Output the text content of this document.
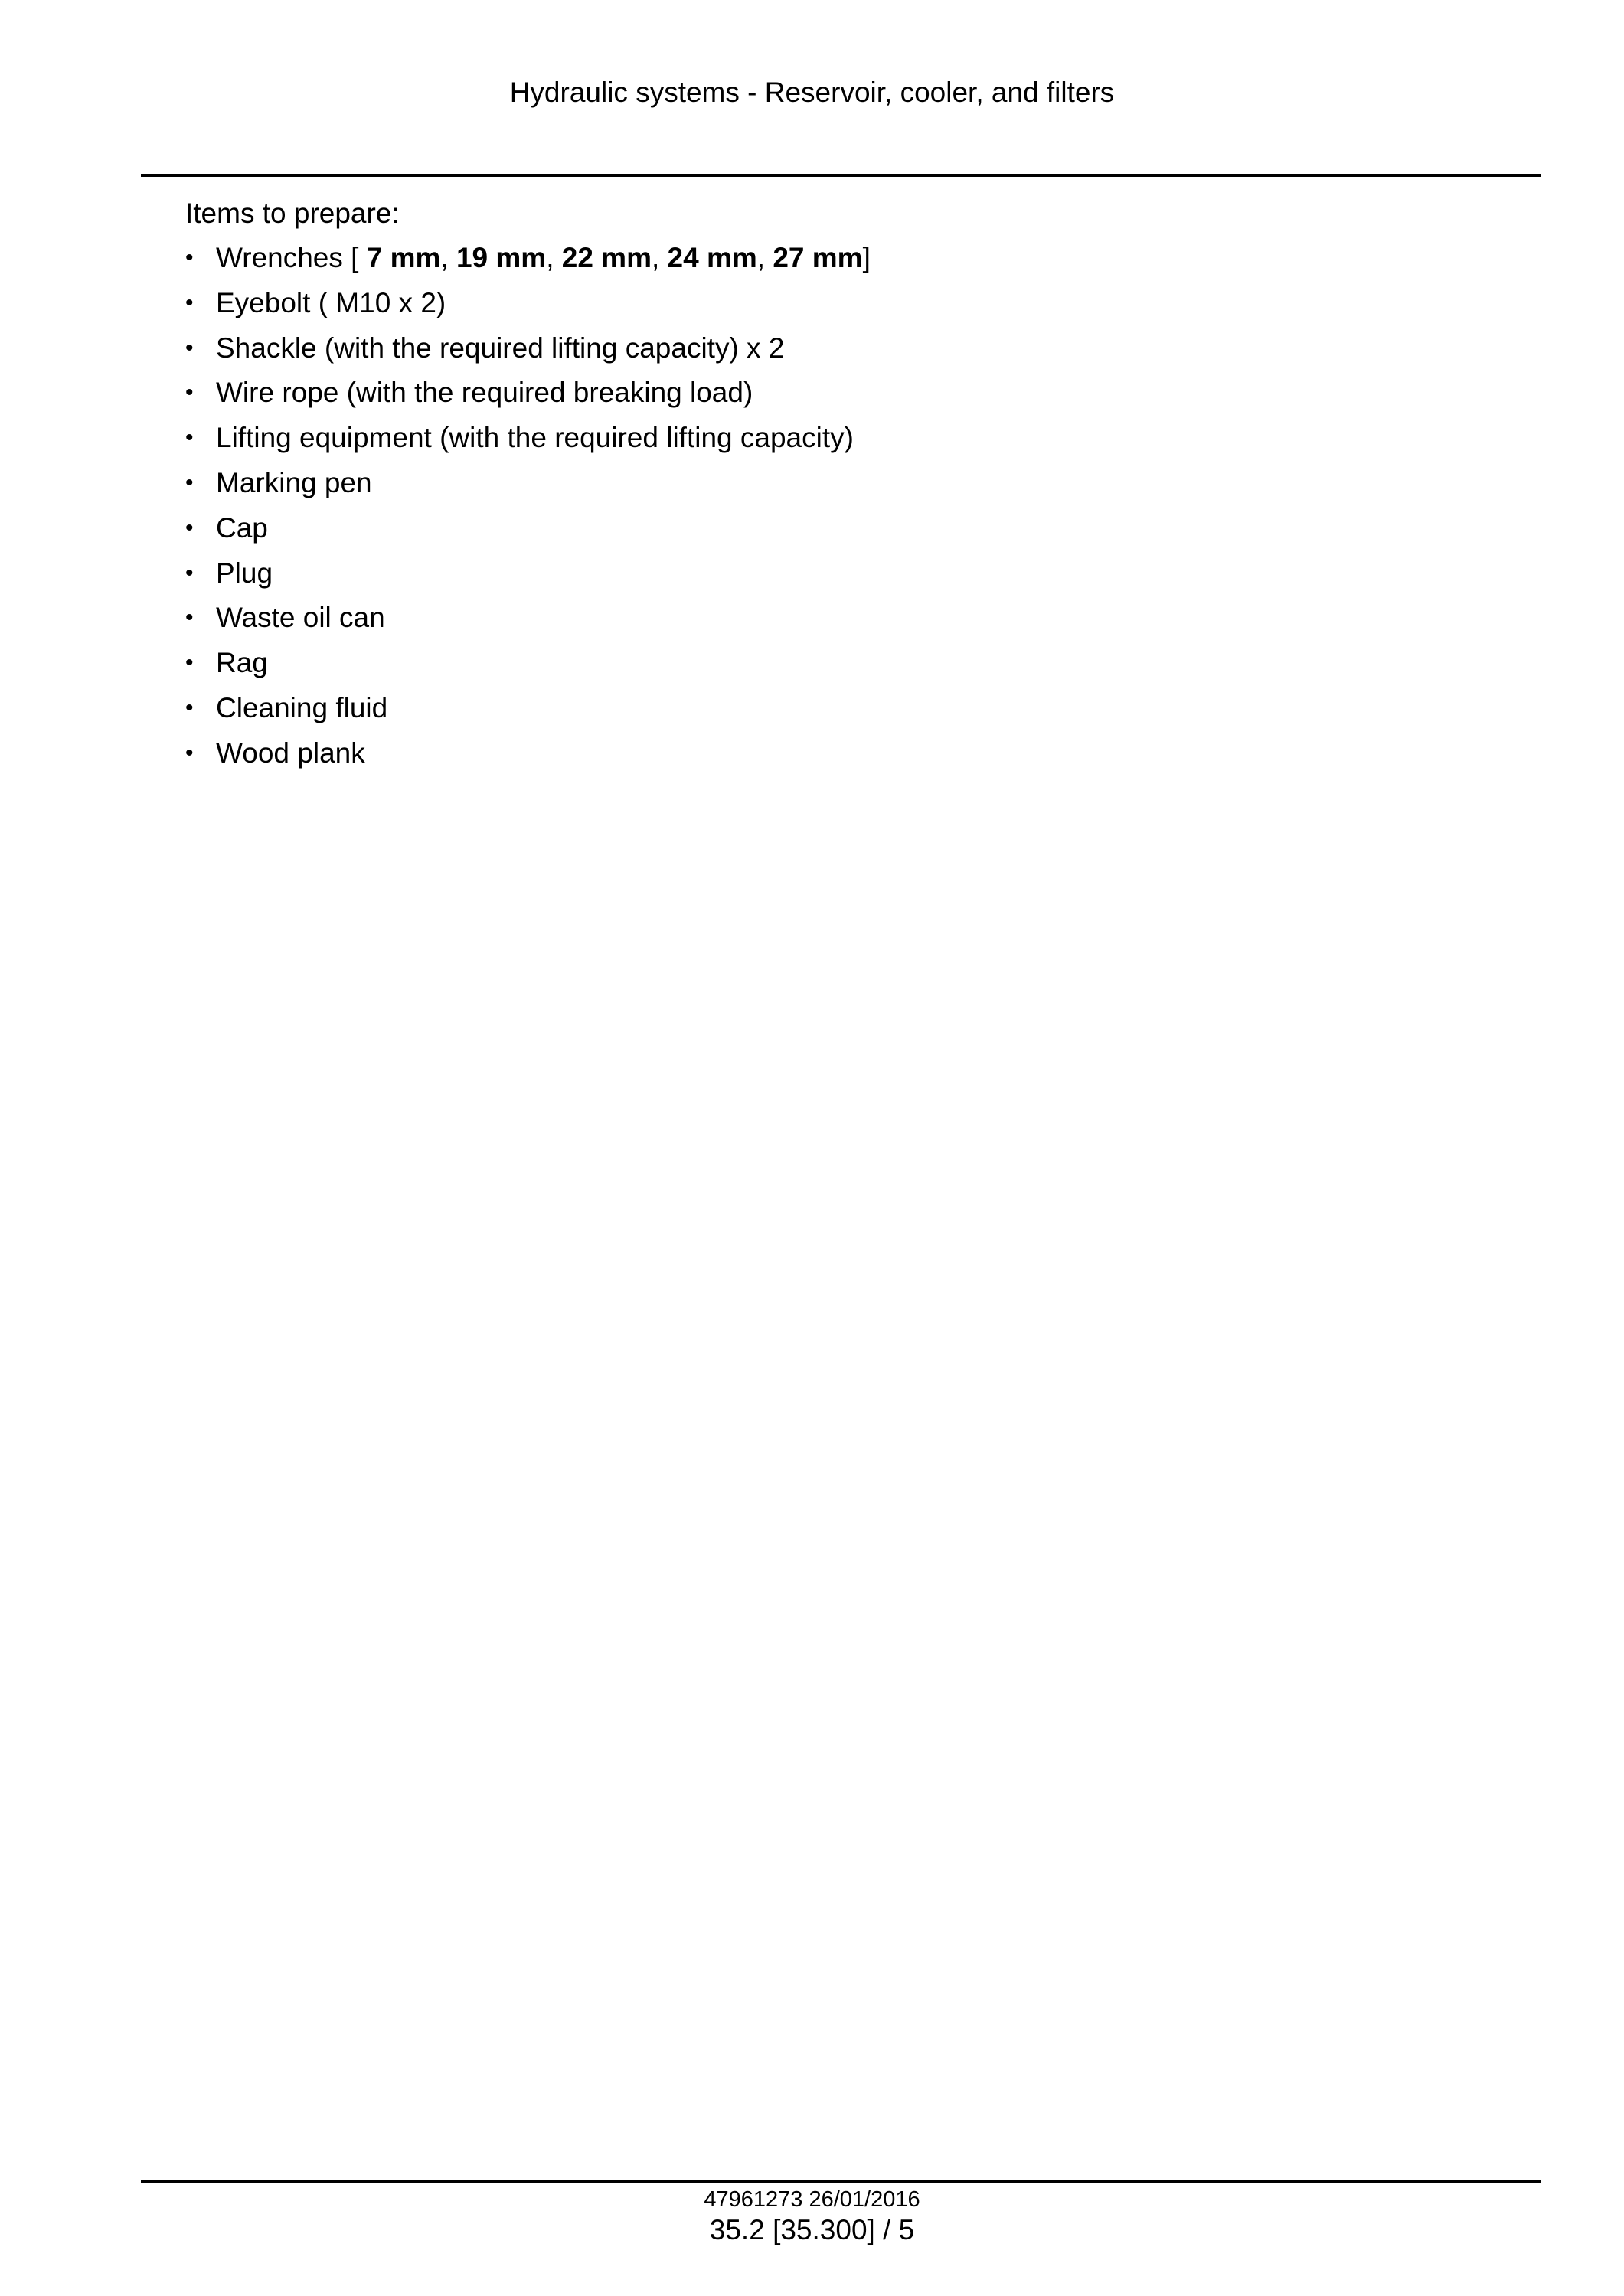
Hydraulic systems - Reservoir, cooler, and filters

Items to prepare:

• Wrenches [ 7 mm, 19 mm, 22 mm, 24 mm, 27 mm]
• Eyebolt ( M10 x 2)
• Shackle (with the required lifting capacity) x 2
• Wire rope (with the required breaking load)
• Lifting equipment (with the required lifting capacity)
• Marking pen
• Cap
• Plug
• Waste oil can
• Rag
• Cleaning fluid
• Wood plank
47961273 26/01/2016
35.2 [35.300] / 5
